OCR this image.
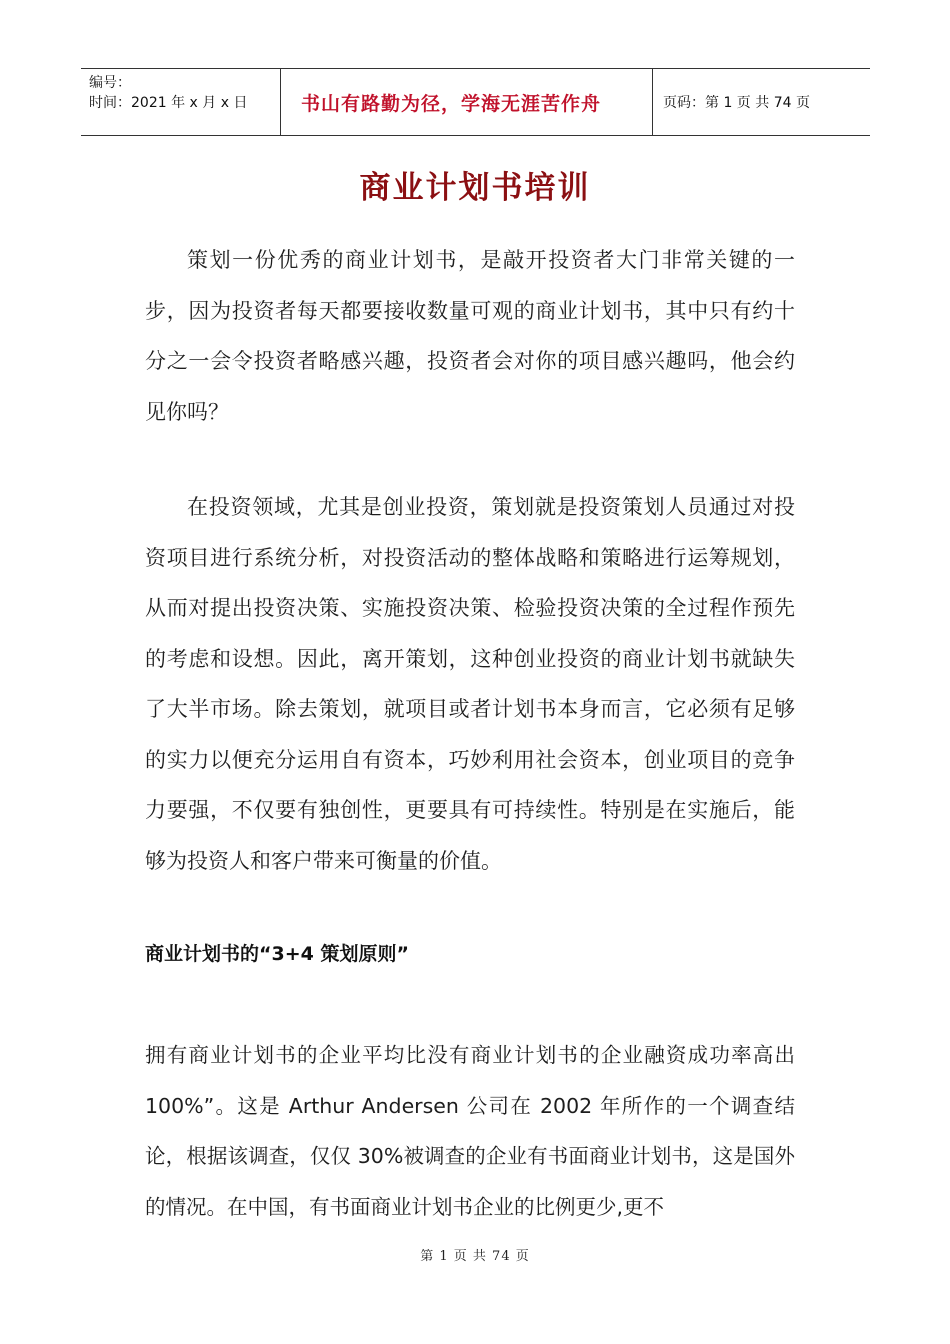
编号：
时间：2021 年 x 月 x 日	书山有路勤为径，学海无涯苦作舟	页码：第 1 页 共 74 页
商业计划书培训

策划一份优秀的商业计划书，是敲开投资者大门非常关键的一步，因为投资者每天都要接收数量可观的商业计划书，其中只有约十分之一会令投资者略感兴趣，投资者会对你的项目感兴趣吗，他会约见你吗？

在投资领域，尤其是创业投资，策划就是投资策划人员通过对投资项目进行系统分析，对投资活动的整体战略和策略进行运筹规划，从而对提出投资决策、实施投资决策、检验投资决策的全过程作预先的考虑和设想。因此，离开策划，这种创业投资的商业计划书就缺失了大半市场。除去策划，就项目或者计划书本身而言，它必须有足够的实力以便充分运用自有资本，巧妙利用社会资本，创业项目的竞争力要强，不仅要有独创性，更要具有可持续性。特别是在实施后，能够为投资人和客户带来可衡量的价值。

商业计划书的“3+4 策划原则”

拥有商业计划书的企业平均比没有商业计划书的企业融资成功率高出 100%”。这是 Arthur Andersen 公司在 2002 年所作的一个调查结论，根据该调查，仅仅 30%被调查的企业有书面商业计划书，这是国外的情况。在中国，有书面商业计划书企业的比例更少,更不

第 1 页 共 74 页
